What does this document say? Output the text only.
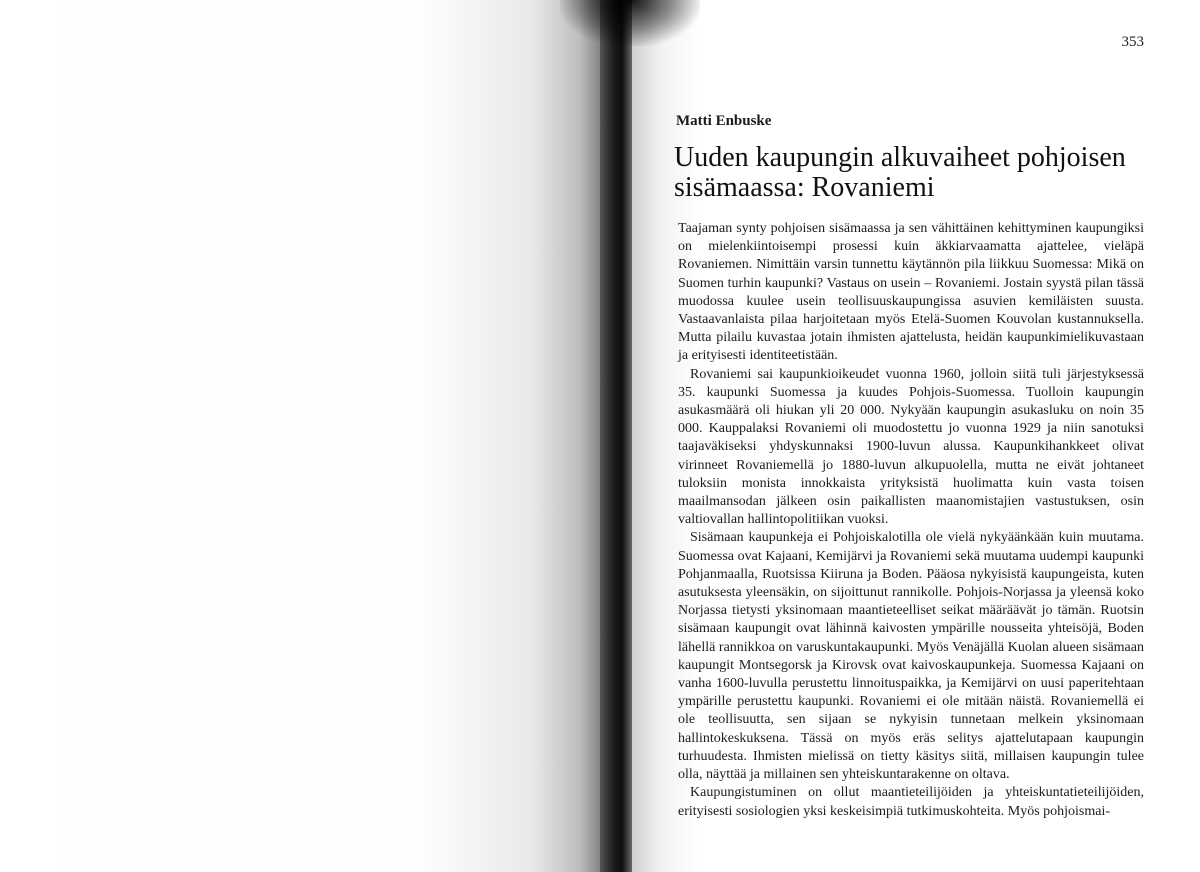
353
Matti Enbuske
Uuden kaupungin alkuvaiheet pohjoisen sisämaassa: Rovaniemi

Taajaman synty pohjoisen sisämaassa ja sen vähittäinen kehittyminen kaupungiksi on mielenkiintoisempi prosessi kuin äkkiarvaamatta ajattelee, vieläpä Rovaniemen. Nimittäin varsin tunnettu käytännön pila liikkuu Suomessa: Mikä on Suomen turhin kaupunki? Vastaus on usein – Rovaniemi. Jostain syystä pilan tässä muodossa kuulee usein teollisuuskaupungissa asuvien kemiläisten suusta. Vastaavanlaista pilaa harjoitetaan myös Etelä-Suomen Kouvolan kustannuksella. Mutta pilailu kuvastaa jotain ihmisten ajattelusta, heidän kaupunkimielikuvastaan ja erityisesti identiteetistään.

Rovaniemi sai kaupunkioikeudet vuonna 1960, jolloin siitä tuli järjestyksessä 35. kaupunki Suomessa ja kuudes Pohjois-Suomessa. Tuolloin kaupungin asukasmäärä oli hiukan yli 20 000. Nykyään kaupungin asukasluku on noin 35 000. Kauppalaksi Rovaniemi oli muodostettu jo vuonna 1929 ja niin sanotuksi taajaväkiseksi yhdyskunnaksi 1900-luvun alussa. Kaupunkihankkeet olivat virinneet Rovaniemellä jo 1880-luvun alkupuolella, mutta ne eivät johtaneet tuloksiin monista innokkaista yrityksistä huolimatta kuin vasta toisen maailmansodan jälkeen osin paikallisten maanomistajien vastustuksen, osin valtiovallan hallintopolitiikan vuoksi.

Sisämaan kaupunkeja ei Pohjoiskalotilla ole vielä nykyäänkään kuin muutama. Suomessa ovat Kajaani, Kemijärvi ja Rovaniemi sekä muutama uudempi kaupunki Pohjanmaalla, Ruotsissa Kiiruna ja Boden. Pääosa nykyisistä kaupungeista, kuten asutuksesta yleensäkin, on sijoittunut rannikolle. Pohjois-Norjassa ja yleensä koko Norjassa tietysti yksinomaan maantieteelliset seikat määräävät jo tämän. Ruotsin sisämaan kaupungit ovat lähinnä kaivosten ympärille nousseita yhteisöjä, Boden lähellä rannikkoa on varuskuntakaupunki. Myös Venäjällä Kuolan alueen sisämaan kaupungit Montsegorsk ja Kirovsk ovat kaivoskaupunkeja. Suomessa Kajaani on vanha 1600-luvulla perustettu linnoituspaikka, ja Kemijärvi on uusi paperitehtaan ympärille perustettu kaupunki. Rovaniemi ei ole mitään näistä. Rovaniemellä ei ole teollisuutta, sen sijaan se nykyisin tunnetaan melkein yksinomaan hallintokeskuksena. Tässä on myös eräs selitys ajattelutapaan kaupungin turhuudesta. Ihmisten mielissä on tietty käsitys siitä, millaisen kaupungin tulee olla, näyttää ja millainen sen yhteiskuntarakenne on oltava.

Kaupungistuminen on ollut maantieteilijöiden ja yhteiskuntatieteilijöiden, erityisesti sosiologien yksi keskeisimpiä tutkimuskohteita. Myös pohjoismai-
